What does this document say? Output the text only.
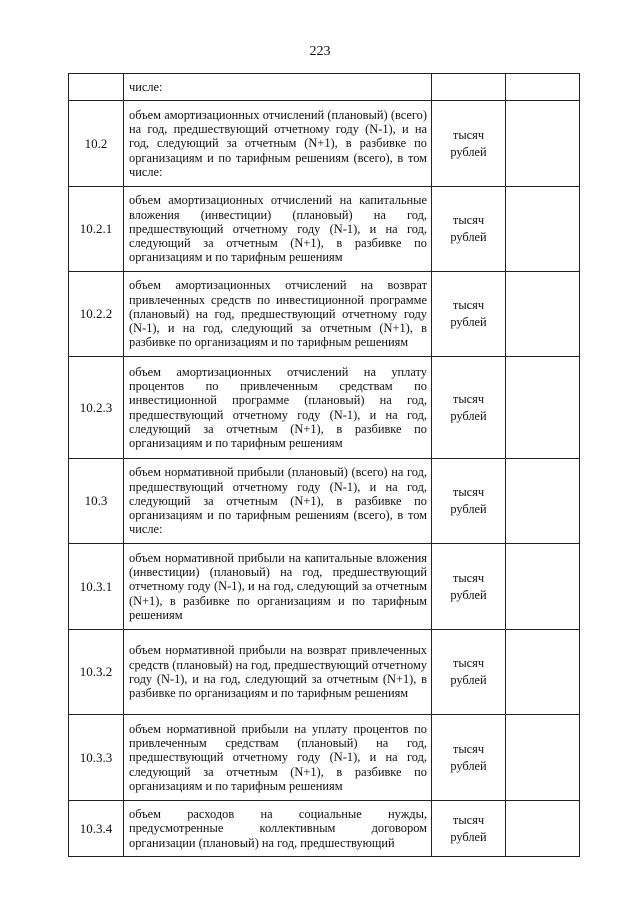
223
	числе:		
10.2	объем амортизационных отчислений (плановый) (всего) на год, предшествующий отчетному году (N-1), и на год, следующий за отчетным (N+1), в разбивке по организациям и по тарифным решениям (всего), в том числе:	тысяч
рублей	

10.2.1	объем амортизационных отчислений на капитальные вложения (инвестиции) (плановый) на год, предшествующий отчетному году (N-1), и на год, следующий за отчетным (N+1), в разбивке по организациям и по тарифным решениям	тысяч
рублей	

10.2.2	объем амортизационных отчислений на возврат привлеченных средств по инвестиционной программе (плановый) на год, предшествующий отчетному году (N-1), и на год, следующий за отчетным (N+1), в разбивке по организациям и по тарифным решениям	тысяч
рублей	

10.2.3	объем амортизационных отчислений на уплату процентов по привлеченным средствам по инвестиционной программе (плановый) на год, предшествующий отчетному году (N-1), и на год, следующий за отчетным (N+1), в разбивке по организациям и по тарифным решениям	тысяч
рублей	

10.3	объем нормативной прибыли (плановый) (всего) на год, предшествующий отчетному году (N-1), и на год, следующий за отчетным (N+1), в разбивке по организациям и по тарифным решениям (всего), в том числе:	тысяч
рублей	

10.3.1	объем нормативной прибыли на капитальные вложения (инвестиции) (плановый) на год, предшествующий отчетному году (N-1), и на год, следующий за отчетным (N+1), в разбивке по организациям и по тарифным решениям	тысяч
рублей	

10.3.2	объем нормативной прибыли на возврат привлеченных средств (плановый) на год, предшествующий отчетному году (N-1), и на год, следующий за отчетным (N+1), в разбивке по организациям и по тарифным решениям	тысяч
рублей	

10.3.3	объем нормативной прибыли на уплату процентов по привлеченным средствам (плановый) на год, предшествующий отчетному году (N-1), и на год, следующий за отчетным (N+1), в разбивке по организациям и по тарифным решениям	тысяч
рублей	

10.3.4	объем расходов на социальные нужды, предусмотренные коллективным договором организации (плановый) на год, предшествующий	тысяч
рублей	
